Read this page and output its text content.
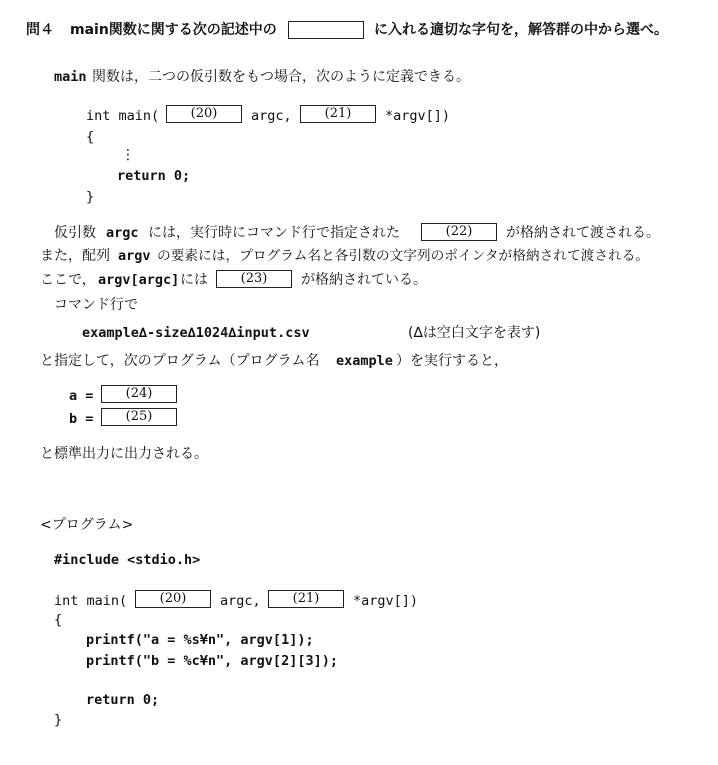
問４ main関数に関する次の記述中の	に入れる適切な字句を，解答群の中から選べ。
main 関数は，二つの仮引数をもつ場合，次のように定義できる。
int main(	(20)	argc,	(21)	*argv[])
{
⋮
return 0;
}
仮引数 argc には，実行時にコマンド行で指定された	(22)	が格納されて渡される。
また，配列 argv の要素には，プログラム名と各引数の文字列のポインタが格納されて渡される。
ここで， argv[argc] には	(23)	が格納されている。
コマンド行で
example∆-size∆1024∆input.csv	(∆は空白文字を表す)
と指定して，次のプログラム（プログラム名 example ）を実行すると，
a =	(24)
b =	(25)
と標準出力に出力される。
<プログラム>
#include <stdio.h>
int main(	(20)	argc,	(21)	*argv[])
{
printf("a = %s¥n", argv[1]);
printf("b = %c¥n", argv[2][3]);
return 0;
}
